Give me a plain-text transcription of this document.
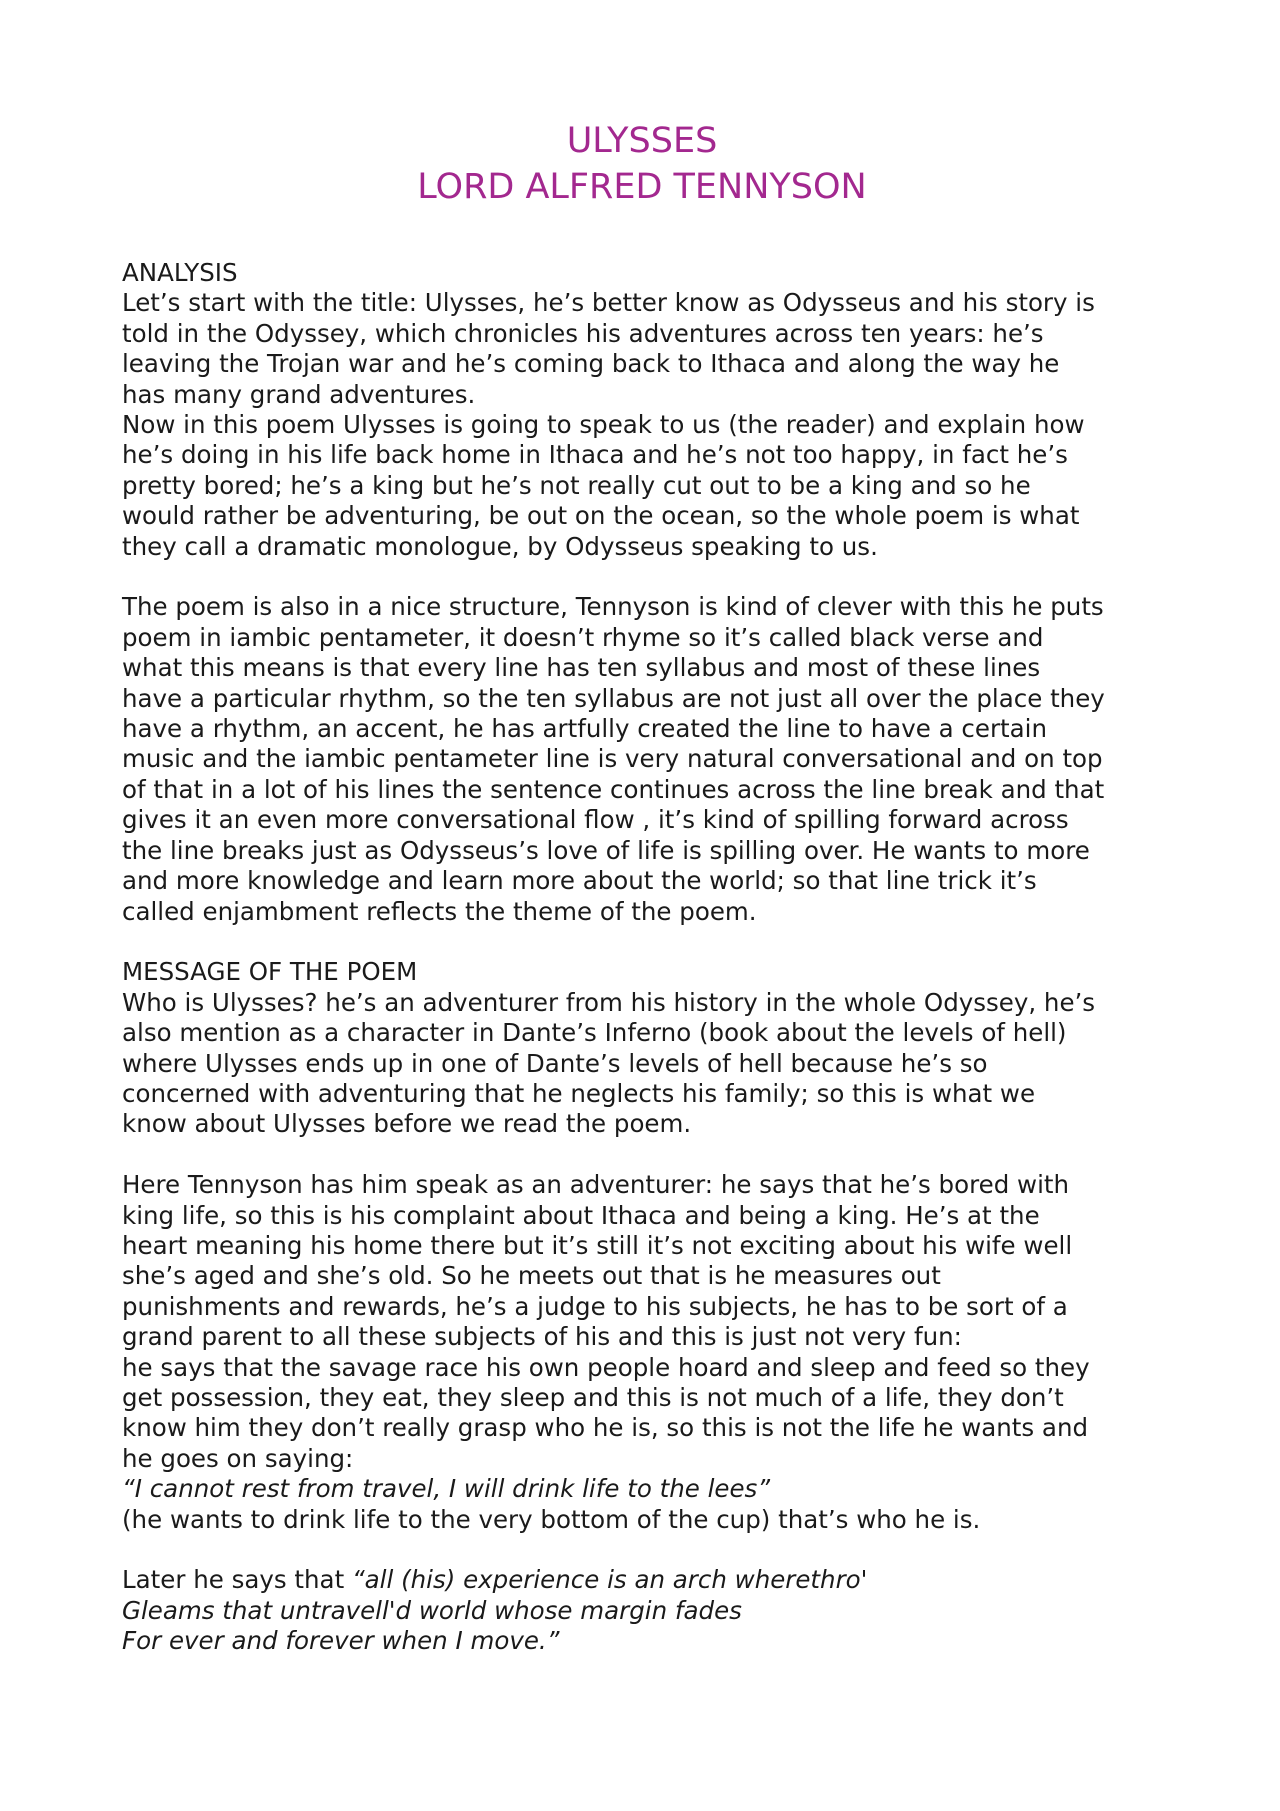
ULYSSES
LORD ALFRED TENNYSON

ANALYSIS

Let’s start with the title: Ulysses, he’s better know as Odysseus and his story is

told in the Odyssey, which chronicles his adventures across ten years: he’s

leaving the Trojan war and he’s coming back to Ithaca and along the way he

has many grand adventures.

Now in this poem Ulysses is going to speak to us (the reader) and explain how

he’s doing in his life back home in Ithaca and he’s not too happy, in fact he’s

pretty bored; he’s a king but he’s not really cut out to be a king and so he

would rather be adventuring, be out on the ocean, so the whole poem is what

they call a dramatic monologue, by Odysseus speaking to us.

The poem is also in a nice structure, Tennyson is kind of clever with this he puts

poem in iambic pentameter, it doesn’t rhyme so it’s called black verse and

what this means is that every line has ten syllabus and most of these lines

have a particular rhythm, so the ten syllabus are not just all over the place they

have a rhythm, an accent, he has artfully created the line to have a certain

music and the iambic pentameter line is very natural conversational and on top

of that in a lot of his lines the sentence continues across the line break and that

gives it an even more conversational flow , it’s kind of spilling forward across

the line breaks just as Odysseus’s love of life is spilling over. He wants to more

and more knowledge and learn more about the world; so that line trick it’s

called enjambment reflects the theme of the poem.

MESSAGE OF THE POEM

Who is Ulysses? he’s an adventurer from his history in the whole Odyssey, he’s

also mention as a character in Dante’s Inferno (book about the levels of hell)

where Ulysses ends up in one of Dante’s levels of hell because he’s so

concerned with adventuring that he neglects his family; so this is what we

know about Ulysses before we read the poem.

Here Tennyson has him speak as an adventurer: he says that he’s bored with

king life, so this is his complaint about Ithaca and being a king. He’s at the

heart meaning his home there but it’s still it’s not exciting about his wife well

she’s aged and she’s old. So he meets out that is he measures out

punishments and rewards, he’s a judge to his subjects, he has to be sort of a

grand parent to all these subjects of his and this is just not very fun:

he says that the savage race his own people hoard and sleep and feed so they

get possession, they eat, they sleep and this is not much of a life, they don’t

know him they don’t really grasp who he is, so this is not the life he wants and

he goes on saying:

“I cannot rest from travel, I will drink life to the lees”

(he wants to drink life to the very bottom of the cup) that’s who he is.

Later he says that “all (his) experience is an arch wherethro'

Gleams that untravell'd world whose margin fades

For ever and forever when I move.”
